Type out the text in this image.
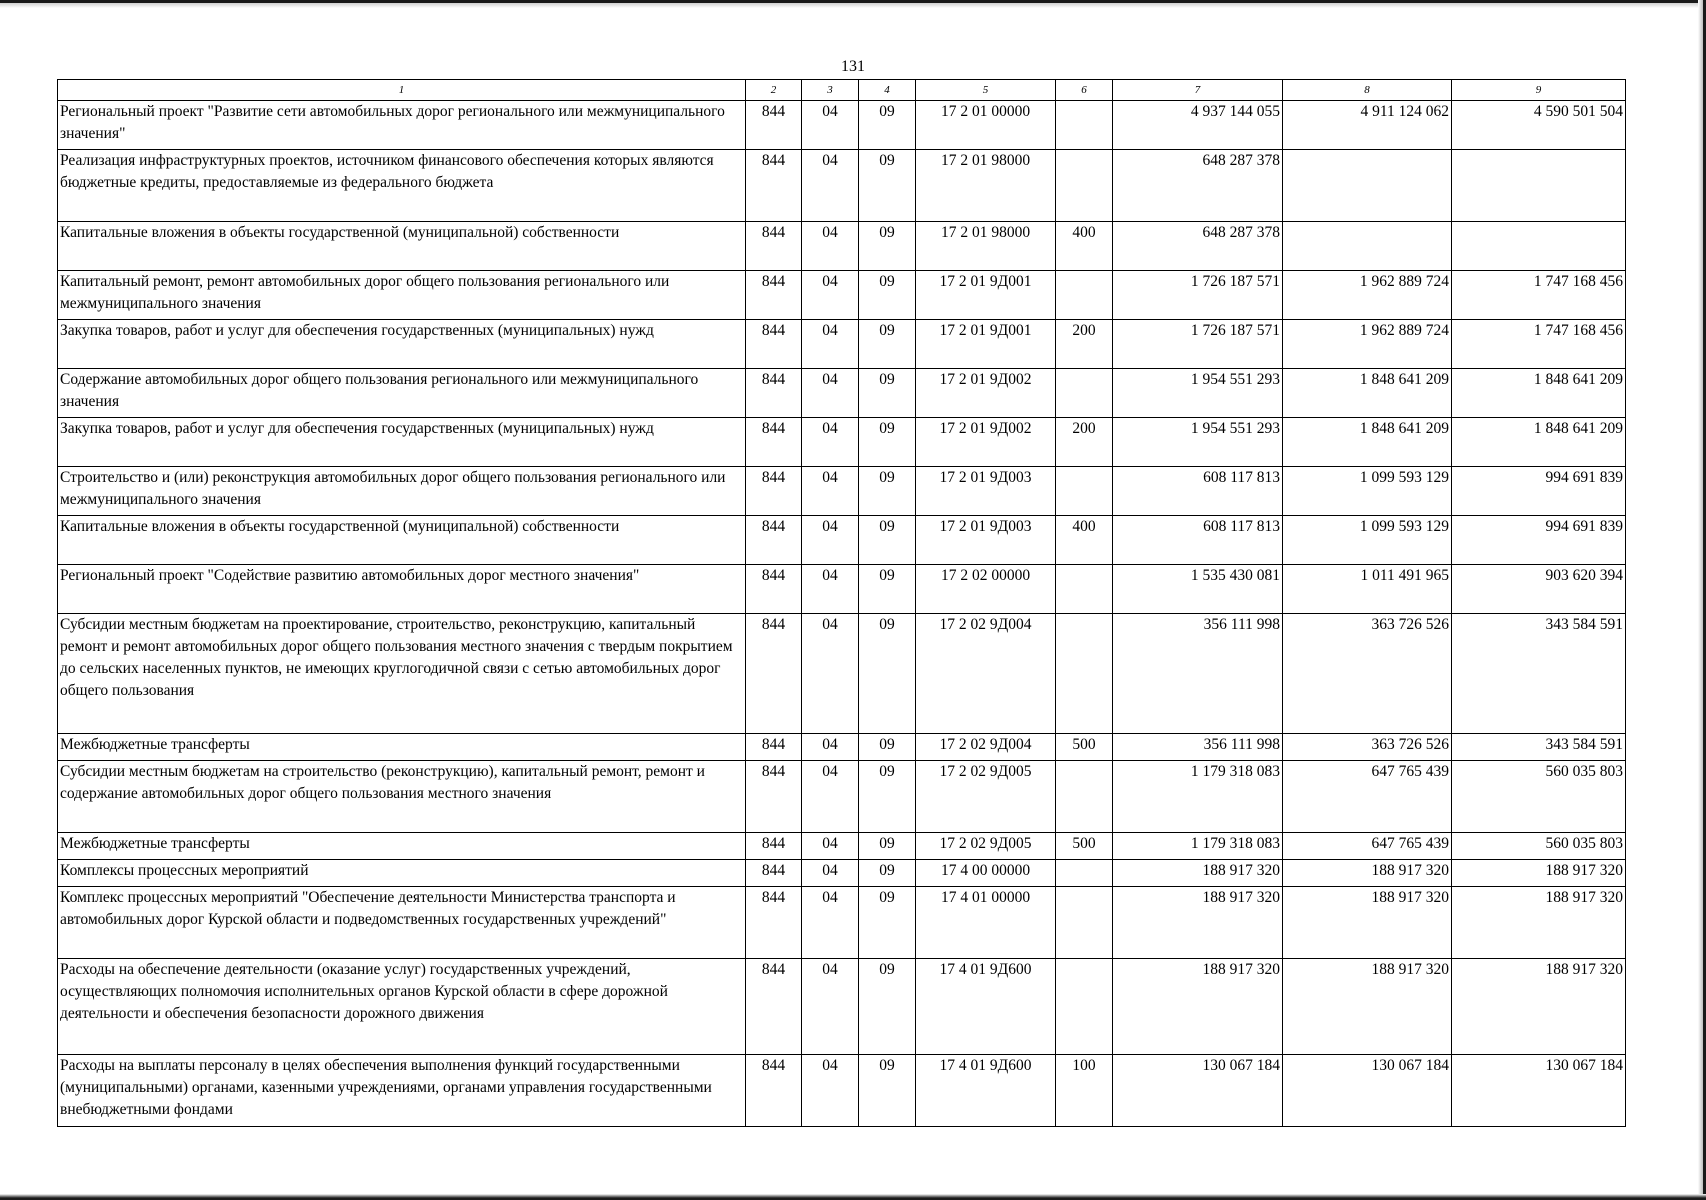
131
1	2	3	4	5	6	7	8	9
Региональный проект "Развитие сети автомобильных дорог регионального или межмуниципального значения"	844	04	09	17 2 01 00000		4 937 144 055	4 911 124 062	4 590 501 504
Реализация инфраструктурных проектов, источником финансового обеспечения которых являются бюджетные кредиты, предоставляемые из федерального бюджета	844	04	09	17 2 01 98000		648 287 378		
Капитальные вложения в объекты государственной (муниципальной) собственности	844	04	09	17 2 01 98000	400	648 287 378		
Капитальный ремонт, ремонт автомобильных дорог общего пользования регионального или межмуниципального значения	844	04	09	17 2 01 9Д001		1 726 187 571	1 962 889 724	1 747 168 456
Закупка товаров, работ и услуг для обеспечения государственных (муниципальных) нужд	844	04	09	17 2 01 9Д001	200	1 726 187 571	1 962 889 724	1 747 168 456
Содержание автомобильных дорог общего пользования регионального или межмуниципального значения	844	04	09	17 2 01 9Д002		1 954 551 293	1 848 641 209	1 848 641 209
Закупка товаров, работ и услуг для обеспечения государственных (муниципальных) нужд	844	04	09	17 2 01 9Д002	200	1 954 551 293	1 848 641 209	1 848 641 209
Строительство и (или) реконструкция автомобильных дорог общего пользования регионального или межмуниципального значения	844	04	09	17 2 01 9Д003		608 117 813	1 099 593 129	994 691 839
Капитальные вложения в объекты государственной (муниципальной) собственности	844	04	09	17 2 01 9Д003	400	608 117 813	1 099 593 129	994 691 839
Региональный проект "Содействие развитию автомобильных дорог местного значения"	844	04	09	17 2 02 00000		1 535 430 081	1 011 491 965	903 620 394
Субсидии местным бюджетам на проектирование, строительство, реконструкцию, капитальный ремонт и ремонт автомобильных дорог общего пользования местного значения с твердым покрытием до сельских населенных пунктов, не имеющих круглогодичной связи с сетью автомобильных дорог общего пользования	844	04	09	17 2 02 9Д004		356 111 998	363 726 526	343 584 591
Межбюджетные трансферты	844	04	09	17 2 02 9Д004	500	356 111 998	363 726 526	343 584 591
Субсидии местным бюджетам на строительство (реконструкцию), капитальный ремонт, ремонт и содержание автомобильных дорог общего пользования местного значения	844	04	09	17 2 02 9Д005		1 179 318 083	647 765 439	560 035 803
Межбюджетные трансферты	844	04	09	17 2 02 9Д005	500	1 179 318 083	647 765 439	560 035 803
Комплексы процессных мероприятий	844	04	09	17 4 00 00000		188 917 320	188 917 320	188 917 320
Комплекс процессных мероприятий "Обеспечение деятельности Министерства транспорта и автомобильных дорог Курской области и подведомственных государственных учреждений"	844	04	09	17 4 01 00000		188 917 320	188 917 320	188 917 320
Расходы на обеспечение деятельности (оказание услуг) государственных учреждений, осуществляющих полномочия исполнительных органов Курской области в сфере дорожной деятельности и обеспечения безопасности дорожного движения	844	04	09	17 4 01 9Д600		188 917 320	188 917 320	188 917 320
Расходы на выплаты персоналу в целях обеспечения выполнения функций государственными (муниципальными) органами, казенными учреждениями, органами управления государственными внебюджетными фондами	844	04	09	17 4 01 9Д600	100	130 067 184	130 067 184	130 067 184
